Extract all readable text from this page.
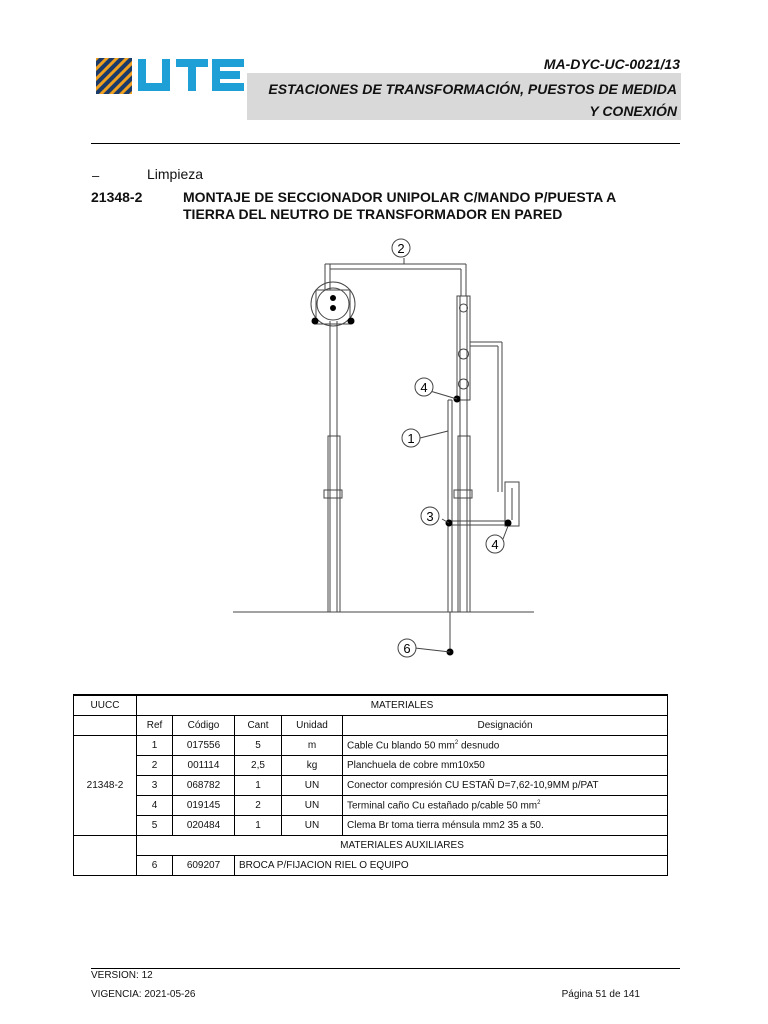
MA-DYC-UC-0021/13
ESTACIONES DE TRANSFORMACIÓN, PUESTOS DE MEDIDA
Y CONEXIÓN
–	Limpieza
21348-2	MONTAJE DE SECCIONADOR UNIPOLAR C/MANDO P/PUESTA A TIERRA DEL NEUTRO DE TRANSFORMADOR EN PARED
2
4
1
3
4
6
UUCC	MATERIALES				
	Ref	Código	Cant	Unidad	Designación
21348-2	1	017556	5	m	Cable Cu blando 50 $mm^2$ desnudo
	2	001114	2,5	kg	Planchuela de cobre mm10x50
	3	068782	1	UN	Conector compresión CU ESTAÑ D=7,62-10,9MM p/PAT
	4	019145	2	UN	Terminal caño Cu estañado p/cable 50 $mm^2$
	5	020484	1	UN	Clema Br toma tierra ménsula mm2 35 a 50.
	MATERIALES AUXILIARES				
	6	609207	BROCA P/FIJACION RIEL O EQUIPO		
VERSION: 12
VIGENCIA: 2021-05-26	Página 51 de 141
